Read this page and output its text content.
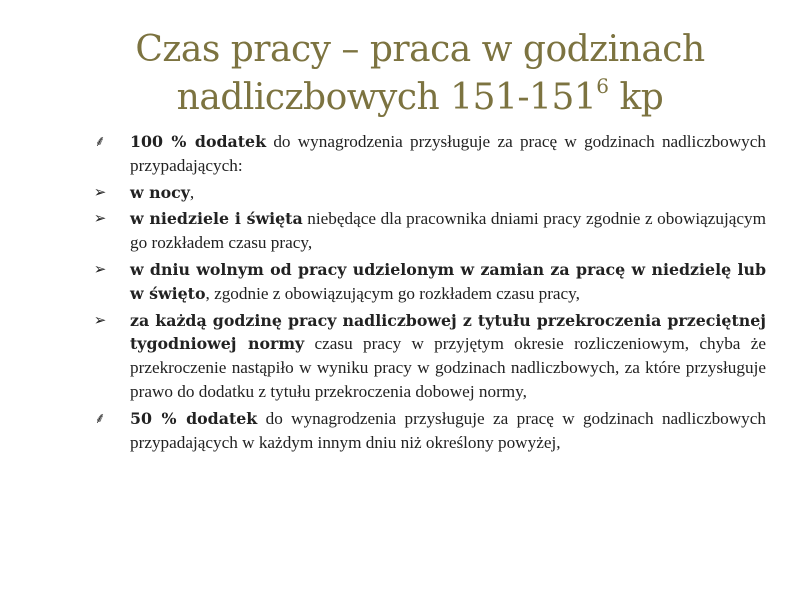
Czas pracy – praca w godzinach
nadliczbowych $151-151^6$ kp
⸙ 100 % dodatek do wynagrodzenia przysługuje za pracę w godzinach nadliczbowych przypadających:
➢ w nocy,
➢ w niedziele i święta niebędące dla pracownika dniami pracy zgodnie z obowiązującym go rozkładem czasu pracy,
➢ w dniu wolnym od pracy udzielonym w zamian za pracę w niedzielę lub w święto, zgodnie z obowiązującym go rozkładem czasu pracy,
➢ za każdą godzinę pracy nadliczbowej z tytułu przekroczenia przeciętnej tygodniowej normy czasu pracy w przyjętym okresie rozliczeniowym, chyba że przekroczenie nastąpiło w wyniku pracy w godzinach nadliczbowych, za które przysługuje prawo do dodatku z tytułu przekroczenia dobowej normy,
⸙ 50 % dodatek do wynagrodzenia przysługuje za pracę w godzinach nadliczbowych przypadających w każdym innym dniu niż określony powyżej,
